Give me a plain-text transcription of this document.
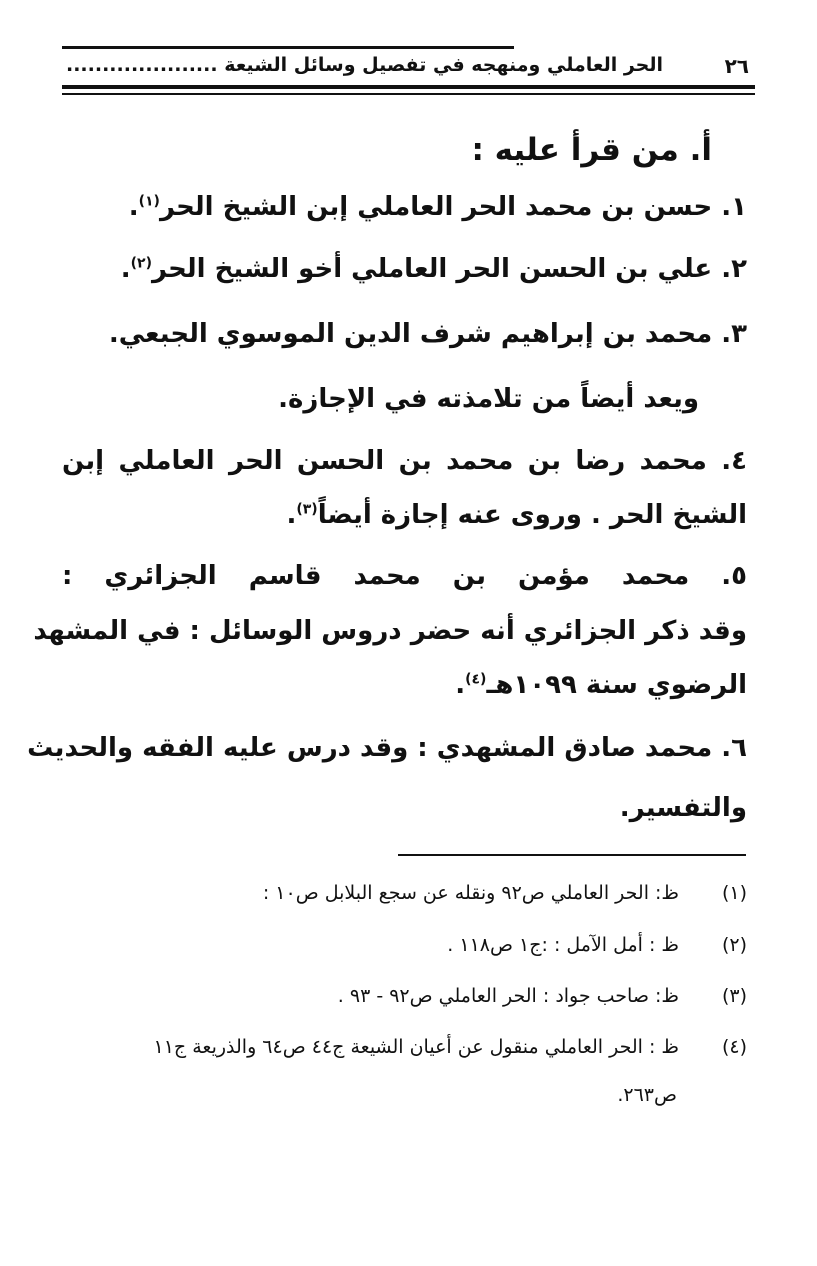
٢٦
الحر العاملي ومنهجه في تفصيل وسائل الشيعة .....................
أ. من قرأ عليه :
١. حسن بن محمد الحر العاملي إبن الشيخ الحر$^{(١)}$.
٢. علي بن الحسن الحر العاملي أخو الشيخ الحر$^{(٢)}$.
٣. محمد بن إبراهيم شرف الدين الموسوي الجبعي.
ويعد أيضاً من تلامذته في الإجازة.
٤. محمد رضا بن محمد بن الحسن الحر العاملي إبن
الشيخ الحر . وروى عنه إجازة أيضاً$^{(٣)}$.
٥. محمد مؤمن بن محمد قاسم الجزائري :
وقد ذكر الجزائري أنه حضر دروس الوسائل : في المشهد
الرضوي سنة ١٠٩٩هـ$^{(٤)}$.
٦. محمد صادق المشهدي : وقد درس عليه الفقه والحديث
والتفسير.
(١)ظ: الحر العاملي ص٩٢ ونقله عن سجع البلابل ص١٠ :
(٢)ظ : أمل الآمل : :ج١ ص١١٨ .
(٣)ظ: صاحب جواد : الحر العاملي ص٩٢ - ٩٣ .
(٤)ظ : الحر العاملي منقول عن أعيان الشيعة ج٤٤ ص٦٤ والذريعة ج١١
ص٢٦٣.
